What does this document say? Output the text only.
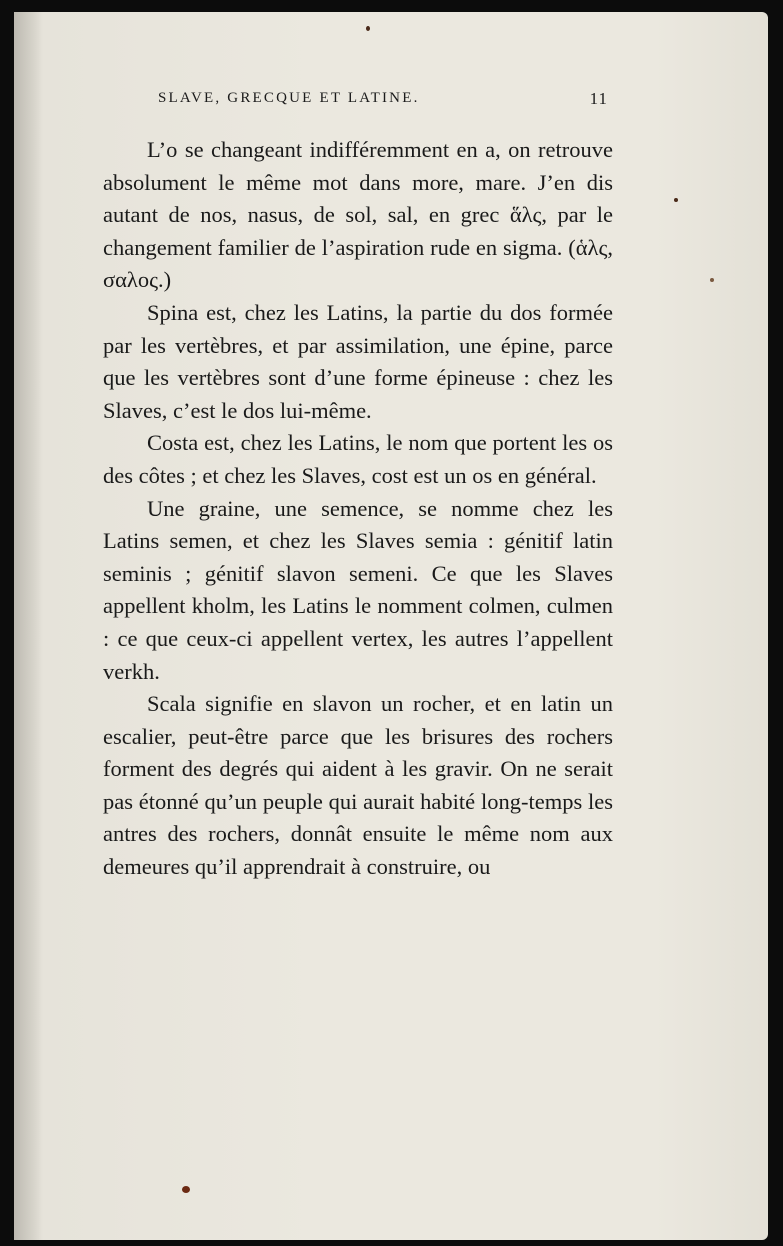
SLAVE, GRECQUE ET LATINE.	11

L’o se changeant indifféremment en a, on retrouve absolument le même mot dans more, mare. J’en dis autant de nos, nasus, de sol, sal, en grec ἅλς, par le changement familier de l’aspiration rude en sigma. (ἁλς, σαλος.)

Spina est, chez les Latins, la partie du dos formée par les vertèbres, et par assimilation, une épine, parce que les vertèbres sont d’une forme épineuse : chez les Slaves, c’est le dos lui-même.

Costa est, chez les Latins, le nom que portent les os des côtes ; et chez les Slaves, cost est un os en général.

Une graine, une semence, se nomme chez les Latins semen, et chez les Slaves semia : génitif latin seminis ; génitif slavon semeni. Ce que les Slaves appellent kholm, les Latins le nomment colmen, culmen : ce que ceux-ci appellent vertex, les autres l’appellent verkh.

Scala signifie en slavon un rocher, et en latin un escalier, peut-être parce que les brisures des rochers forment des degrés qui aident à les gravir. On ne serait pas étonné qu’un peuple qui aurait habité long-temps les antres des rochers, donnât ensuite le même nom aux demeures qu’il apprendrait à construire, ou
